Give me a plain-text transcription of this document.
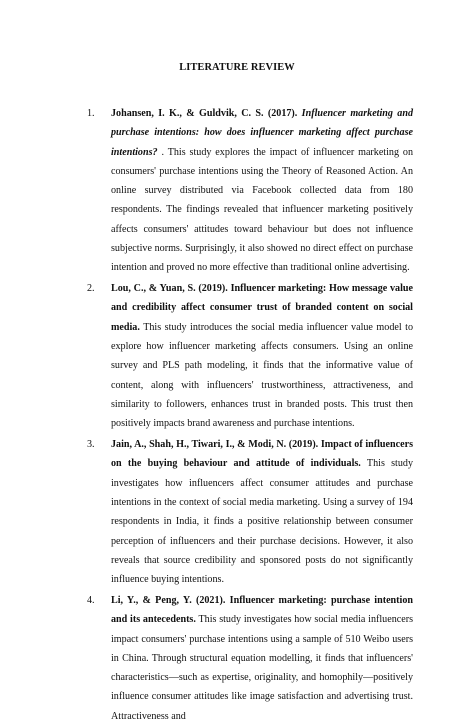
LITERATURE REVIEW
1. Johansen, I. K., & Guldvik, C. S. (2017). Influencer marketing and purchase intentions: how does influencer marketing affect purchase intentions? . This study explores the impact of influencer marketing on consumers' purchase intentions using the Theory of Reasoned Action. An online survey distributed via Facebook collected data from 180 respondents. The findings revealed that influencer marketing positively affects consumers' attitudes toward behaviour but does not influence subjective norms. Surprisingly, it also showed no direct effect on purchase intention and proved no more effective than traditional online advertising.
2. Lou, C., & Yuan, S. (2019). Influencer marketing: How message value and credibility affect consumer trust of branded content on social media. This study introduces the social media influencer value model to explore how influencer marketing affects consumers. Using an online survey and PLS path modeling, it finds that the informative value of content, along with influencers' trustworthiness, attractiveness, and similarity to followers, enhances trust in branded posts. This trust then positively impacts brand awareness and purchase intentions.
3. Jain, A., Shah, H., Tiwari, I., & Modi, N. (2019). Impact of influencers on the buying behaviour and attitude of individuals. This study investigates how influencers affect consumer attitudes and purchase intentions in the context of social media marketing. Using a survey of 194 respondents in India, it finds a positive relationship between consumer perception of influencers and their purchase decisions. However, it also reveals that source credibility and sponsored posts do not significantly influence buying intentions.
4. Li, Y., & Peng, Y. (2021). Influencer marketing: purchase intention and its antecedents. This study investigates how social media influencers impact consumers' purchase intentions using a sample of 510 Weibo users in China. Through structural equation modelling, it finds that influencers' characteristics—such as expertise, originality, and homophily—positively influence consumer attitudes like image satisfaction and advertising trust. Attractiveness and
